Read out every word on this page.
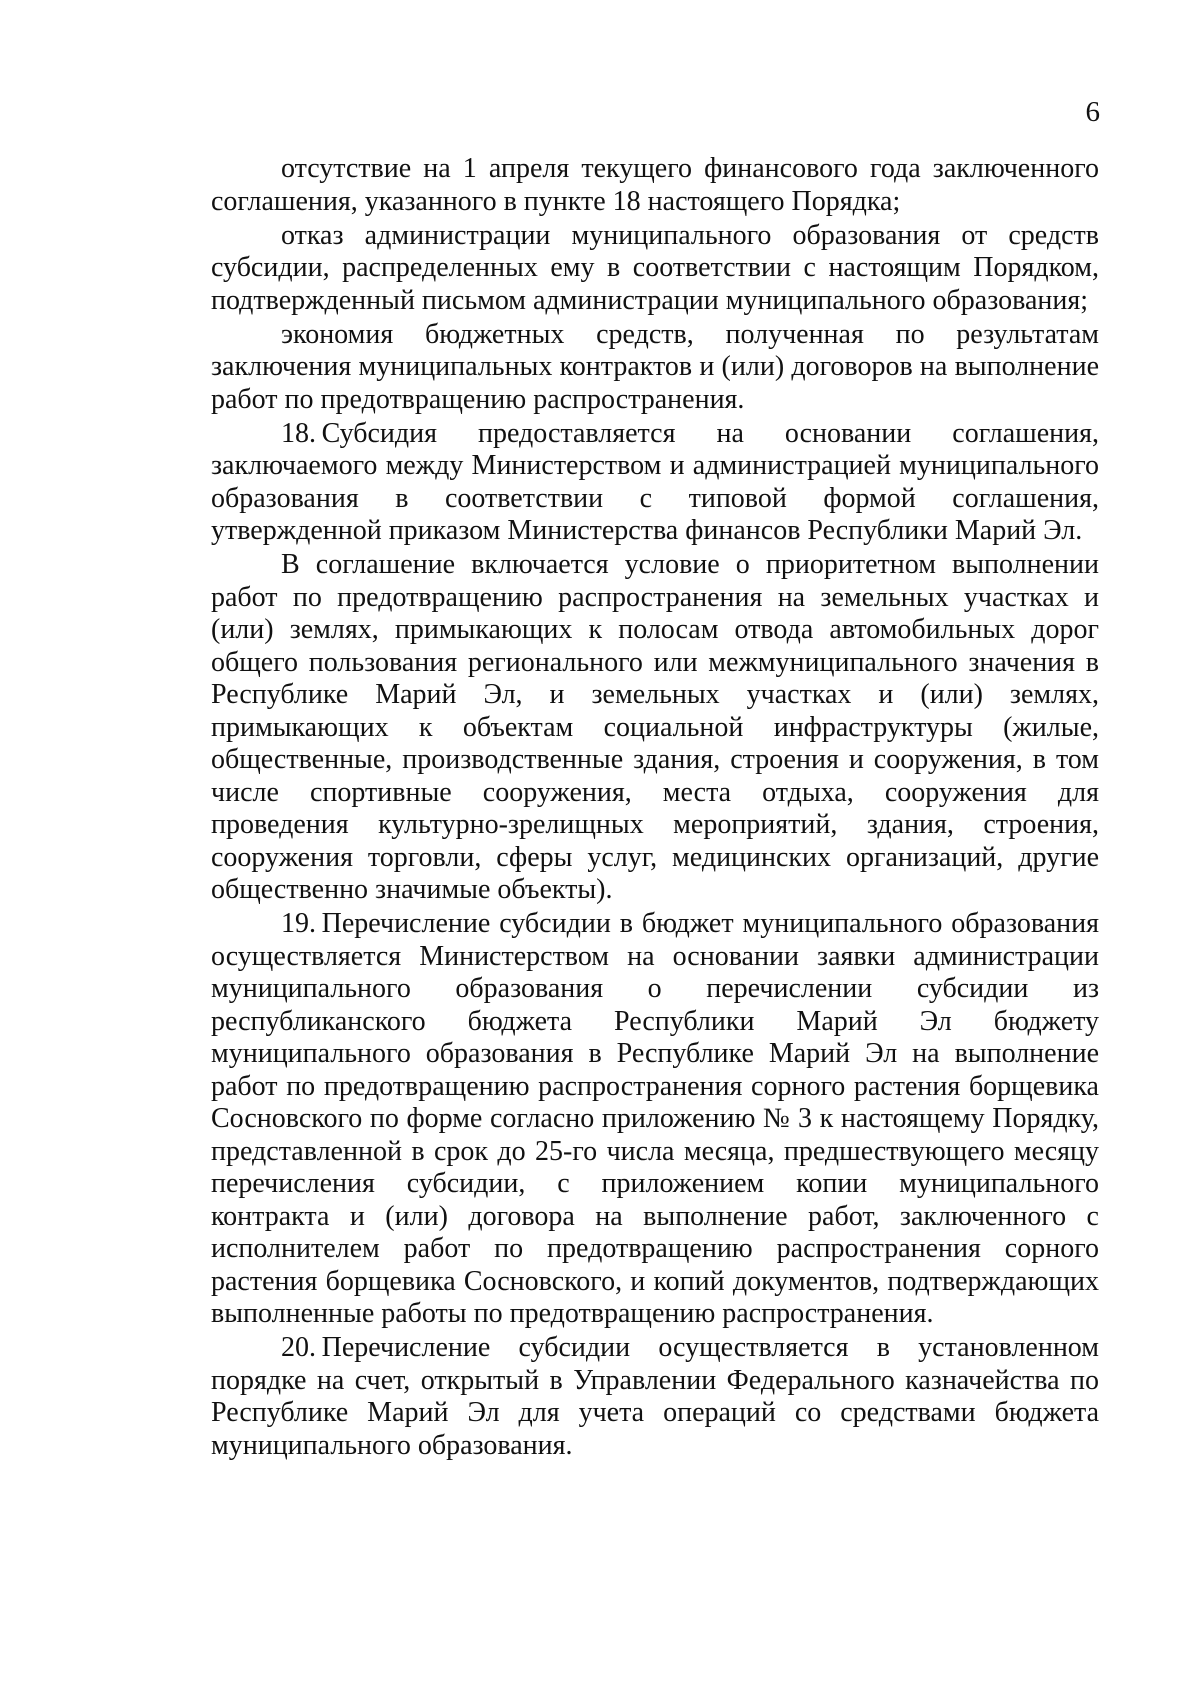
6

отсутствие на 1 апреля текущего финансового года заключенного соглашения, указанного в пункте 18 настоящего Порядка;

отказ администрации муниципального образования от средств субсидии, распределенных ему в соответствии с настоящим Порядком, подтвержденный письмом администрации муниципального образования;

экономия бюджетных средств, полученная по результатам заключения муниципальных контрактов и (или) договоров на выполнение работ по предотвращению распространения.

18.  Субсидия предоставляется на основании соглашения, заключаемого между Министерством и администрацией муниципального образования в соответствии с типовой формой соглашения, утвержденной приказом Министерства финансов Республики Марий Эл.

В соглашение включается условие о приоритетном выполнении работ по предотвращению распространения на земельных участках и (или) землях, примыкающих к полосам отвода автомобильных дорог общего пользования регионального или межмуниципального значения в Республике Марий Эл, и земельных участках и (или) землях, примыкающих к объектам социальной инфраструктуры (жилые, общественные, производственные здания, строения и сооружения, в том числе спортивные сооружения, места отдыха, сооружения для проведения культурно-зрелищных мероприятий, здания, строения, сооружения торговли, сферы услуг, медицинских организаций, другие общественно значимые объекты).

19.  Перечисление субсидии в бюджет муниципального образования осуществляется Министерством на основании заявки администрации муниципального образования о перечислении субсидии из республиканского бюджета Республики Марий Эл бюджету муниципального образования в Республике Марий Эл на выполнение работ по предотвращению распространения сорного растения борщевика Сосновского по форме согласно приложению № 3 к настоящему Порядку, представленной в срок до 25-го числа месяца, предшествующего месяцу перечисления субсидии, с приложением копии муниципального контракта и (или) договора на выполнение работ, заключенного с исполнителем работ по предотвращению распространения сорного растения борщевика Сосновского, и копий документов, подтверждающих выполненные работы по предотвращению распространения.

20.  Перечисление субсидии осуществляется в установленном порядке на счет, открытый в Управлении Федерального казначейства по Республике Марий Эл для учета операций со средствами бюджета муниципального образования.
